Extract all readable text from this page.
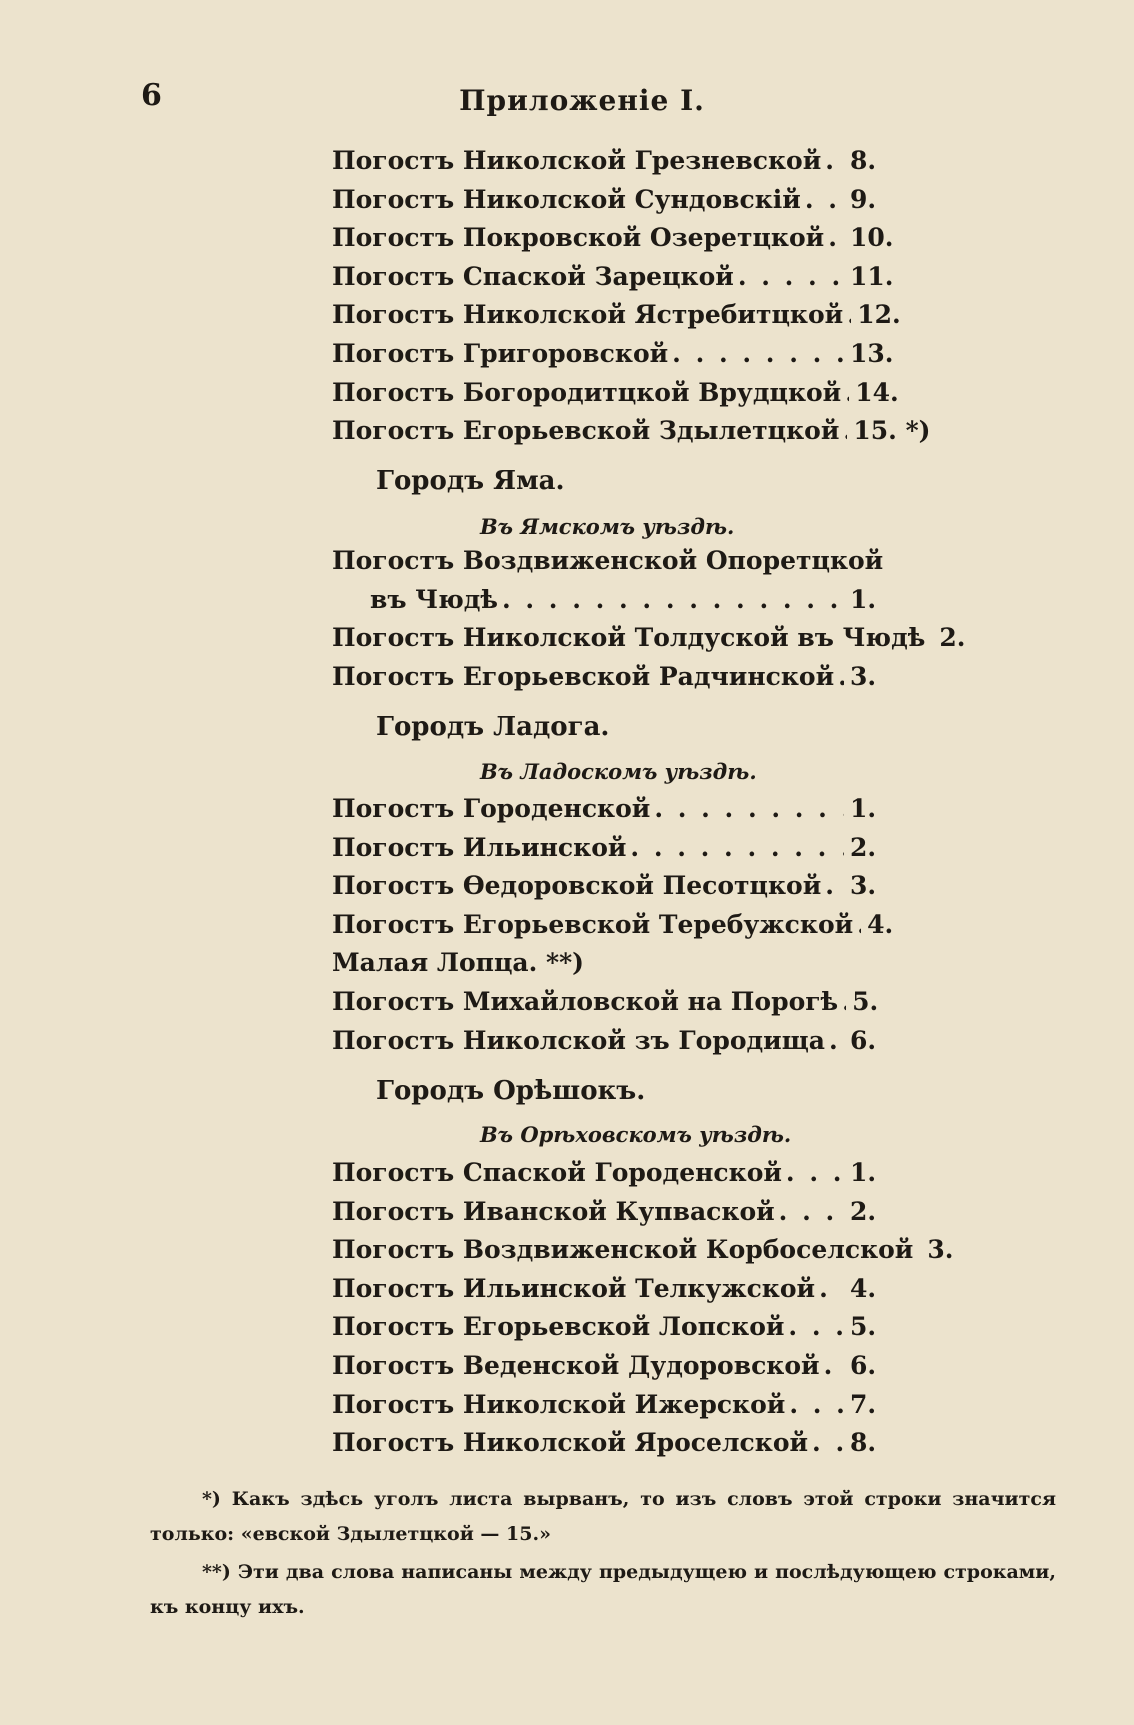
6	Приложеніе I.
Погостъ Николской Грезневской . . . 8.
Погостъ Николской Сундовскій . . . 9.
Погостъ Покровской Озеретцкой . . . 10.
Погостъ Спаской Зарецкой . . .	11.
Погостъ Николской Ястребитцкой . . . 12.
Погостъ Григоровской . . .	13.
Погостъ Богородитцкой Врудцкой . . . 14.
Погостъ Егорьевской Здылетцкой . . . 15. *)
Городъ Яма.
Въ Ямскомъ уѣздѣ.
Погостъ Воздвиженской Опоретцкой
въ Чюдѣ . . .	1.
Погостъ Николской Толдуской въ Чюдѣ 2.
Погостъ Егорьевской Радчинской . . . 3.
Городъ Ладога.
Въ Ладоскомъ уѣздѣ.
Погостъ Городенской . . .	1.
Погостъ Ильинской . . .	2.
Погостъ Ѳедоровской Песотцкой . . . 3.
Погостъ Егорьевской Теребужской . . . 4.
Малая Лопца. **)
Погостъ Михайловской на Порогѣ . . . 5.
Погостъ Николской зъ Городища . . . 6.
Городъ Орѣшокъ.
Въ Орѣховскомъ уѣздѣ.
Погостъ Спаской Городенской . . .	1.
Погостъ Иванской Купваской . . .	2.
Погостъ Воздвиженской Корбоселской 3.
Погостъ Ильинской Телкужской . . . 4.
Погостъ Егорьевской Лопской . . .	5.
Погостъ Веденской Дудоровской . . . 6.
Погостъ Николской Ижерской . . .	7.
Погостъ Николской Яроселской . . . 8.

*) Какъ здѣсь уголъ листа вырванъ, то изъ словъ этой строки значится только: «евской Здылетцкой — 15.»

**) Эти два слова написаны между предыдущею и послѣдующею строками, къ концу ихъ.
